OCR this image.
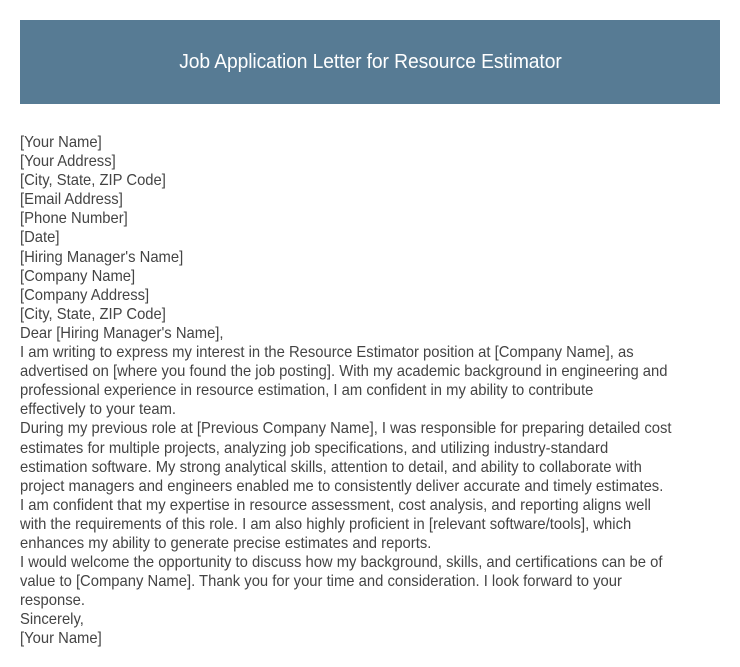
Job Application Letter for Resource Estimator
[Your Name]
[Your Address]
[City, State, ZIP Code]
[Email Address]
[Phone Number]
[Date]
[Hiring Manager's Name]
[Company Name]
[Company Address]
[City, State, ZIP Code]
Dear [Hiring Manager's Name],
I am writing to express my interest in the Resource Estimator position at [Company Name], as
advertised on [where you found the job posting]. With my academic background in engineering and
professional experience in resource estimation, I am confident in my ability to contribute
effectively to your team.
During my previous role at [Previous Company Name], I was responsible for preparing detailed cost
estimates for multiple projects, analyzing job specifications, and utilizing industry-standard
estimation software. My strong analytical skills, attention to detail, and ability to collaborate with
project managers and engineers enabled me to consistently deliver accurate and timely estimates.
I am confident that my expertise in resource assessment, cost analysis, and reporting aligns well
with the requirements of this role. I am also highly proficient in [relevant software/tools], which
enhances my ability to generate precise estimates and reports.
I would welcome the opportunity to discuss how my background, skills, and certifications can be of
value to [Company Name]. Thank you for your time and consideration. I look forward to your
response.
Sincerely,
[Your Name]
